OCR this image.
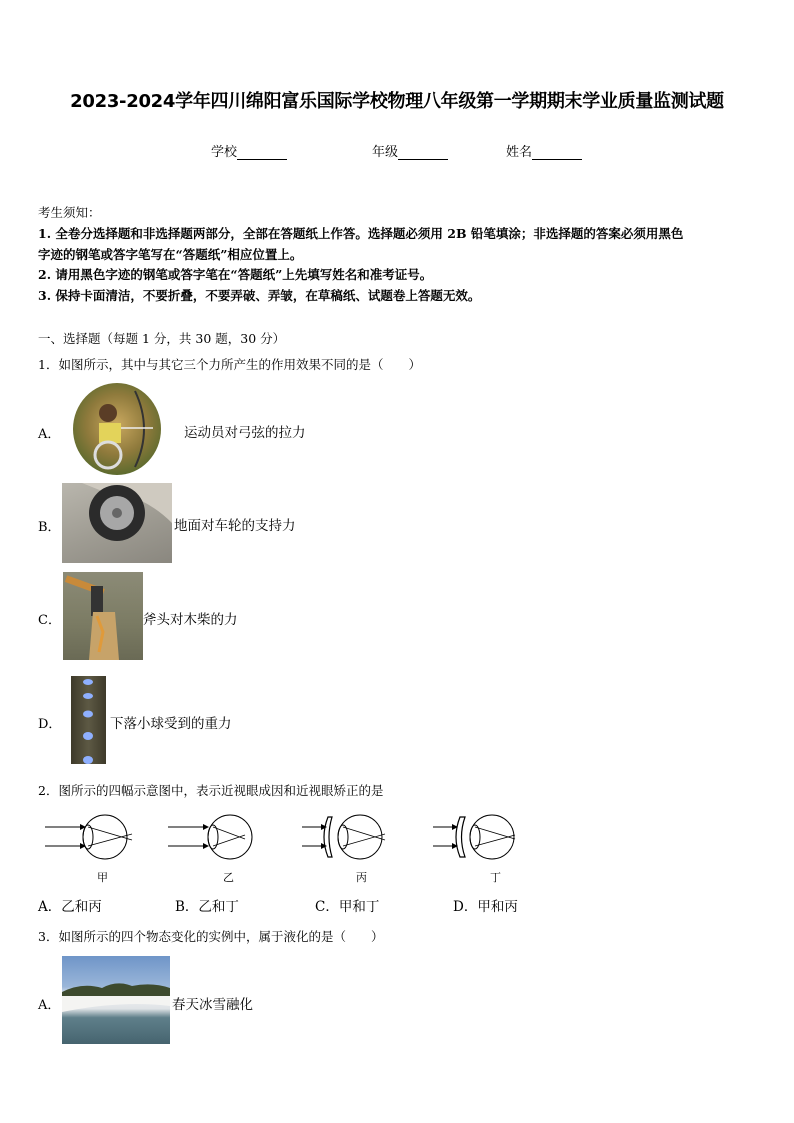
2023-2024学年四川绵阳富乐国际学校物理八年级第一学期期末学业质量监测试题
学校	年级	姓名
考生须知：
1. 全卷分选择题和非选择题两部分，全部在答题纸上作答。选择题必须用 2B 铅笔填涂；非选择题的答案必须用黑色
字迹的钢笔或答字笔写在“答题纸”相应位置上。
2. 请用黑色字迹的钢笔或答字笔在“答题纸”上先填写姓名和准考证号。
3. 保持卡面清洁，不要折叠，不要弄破、弄皱，在草稿纸、试题卷上答题无效。
一、选择题（每题 1 分，共 30 题，30 分）
1．如图所示，其中与其它三个力所产生的作用效果不同的是（　　）
A．	运动员对弓弦的拉力
B．	地面对车轮的支持力
C．	斧头对木柴的力
D．	下落小球受到的重力
2．图所示的四幅示意图中，表示近视眼成因和近视眼矫正的是
甲	乙	丙	丁
A．乙和丙	B．乙和丁	C．甲和丁	D．甲和丙
3．如图所示的四个物态变化的实例中，属于液化的是（　　）
A．	春天冰雪融化
